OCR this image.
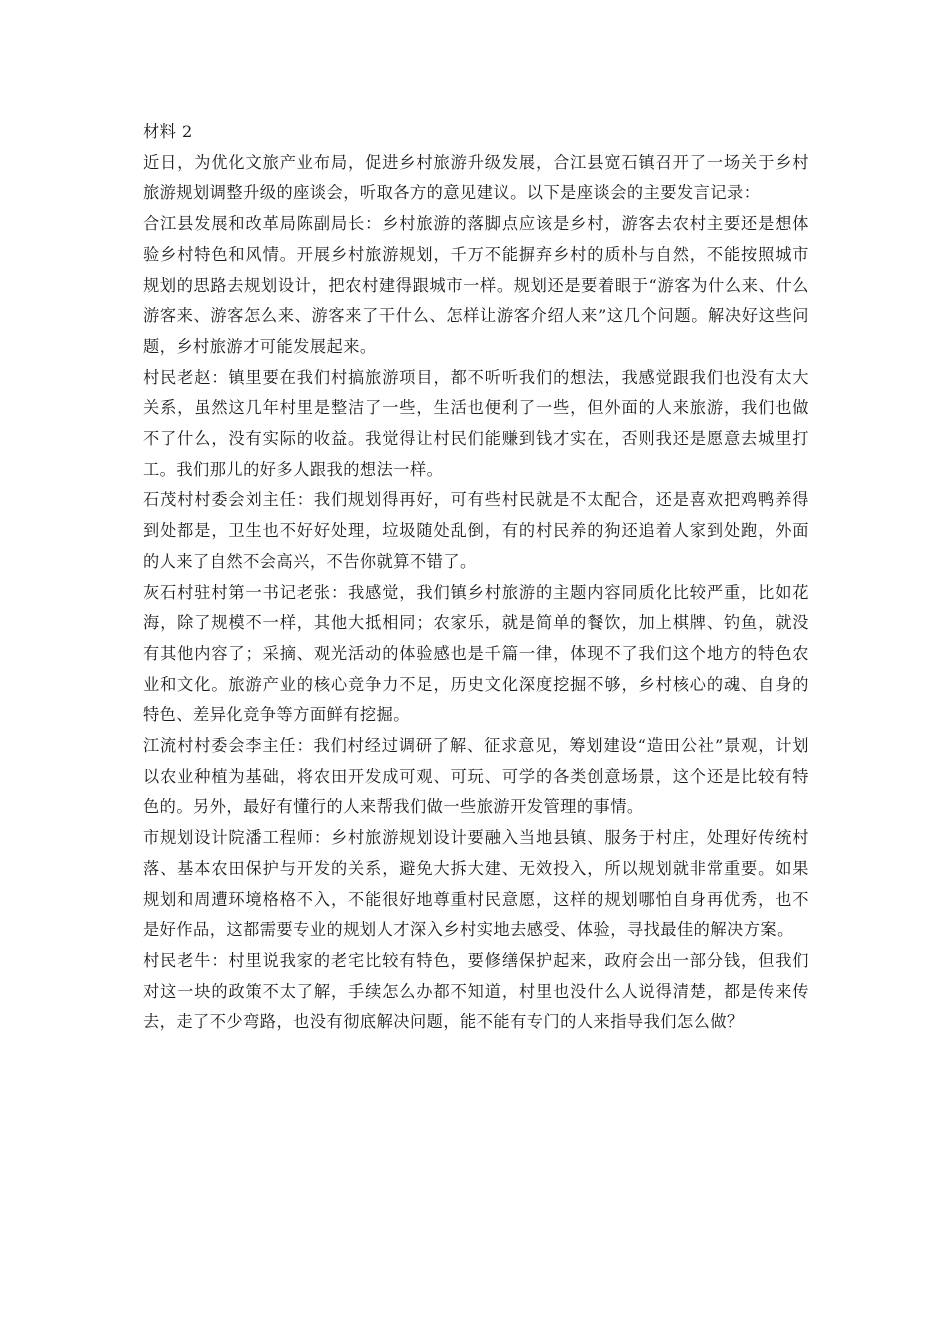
材料 2

近日，为优化文旅产业布局，促进乡村旅游升级发展，合江县宽石镇召开了一场关于乡村旅游规划调整升级的座谈会，听取各方的意见建议。以下是座谈会的主要发言记录：

合江县发展和改革局陈副局长：乡村旅游的落脚点应该是乡村，游客去农村主要还是想体验乡村特色和风情。开展乡村旅游规划，千万不能摒弃乡村的质朴与自然，不能按照城市规划的思路去规划设计，把农村建得跟城市一样。规划还是要着眼于“游客为什么来、什么游客来、游客怎么来、游客来了干什么、怎样让游客介绍人来”这几个问题。解决好这些问题，乡村旅游才可能发展起来。

村民老赵：镇里要在我们村搞旅游项目，都不听听我们的想法，我感觉跟我们也没有太大关系，虽然这几年村里是整洁了一些，生活也便利了一些，但外面的人来旅游，我们也做不了什么，没有实际的收益。我觉得让村民们能赚到钱才实在，否则我还是愿意去城里打工。我们那儿的好多人跟我的想法一样。

石茂村村委会刘主任：我们规划得再好，可有些村民就是不太配合，还是喜欢把鸡鸭养得到处都是，卫生也不好好处理，垃圾随处乱倒，有的村民养的狗还追着人家到处跑，外面的人来了自然不会高兴，不告你就算不错了。

灰石村驻村第一书记老张：我感觉，我们镇乡村旅游的主题内容同质化比较严重，比如花海，除了规模不一样，其他大抵相同；农家乐，就是简单的餐饮，加上棋牌、钓鱼，就没有其他内容了；采摘、观光活动的体验感也是千篇一律，体现不了我们这个地方的特色农业和文化。旅游产业的核心竞争力不足，历史文化深度挖掘不够，乡村核心的魂、自身的特色、差异化竞争等方面鲜有挖掘。

江流村村委会李主任：我们村经过调研了解、征求意见，筹划建设“造田公社”景观，计划以农业种植为基础，将农田开发成可观、可玩、可学的各类创意场景，这个还是比较有特色的。另外，最好有懂行的人来帮我们做一些旅游开发管理的事情。

市规划设计院潘工程师：乡村旅游规划设计要融入当地县镇、服务于村庄，处理好传统村落、基本农田保护与开发的关系，避免大拆大建、无效投入，所以规划就非常重要。如果规划和周遭环境格格不入，不能很好地尊重村民意愿，这样的规划哪怕自身再优秀，也不是好作品，这都需要专业的规划人才深入乡村实地去感受、体验，寻找最佳的解决方案。

村民老牛：村里说我家的老宅比较有特色，要修缮保护起来，政府会出一部分钱，但我们对这一块的政策不太了解，手续怎么办都不知道，村里也没什么人说得清楚，都是传来传去，走了不少弯路，也没有彻底解决问题，能不能有专门的人来指导我们怎么做？
